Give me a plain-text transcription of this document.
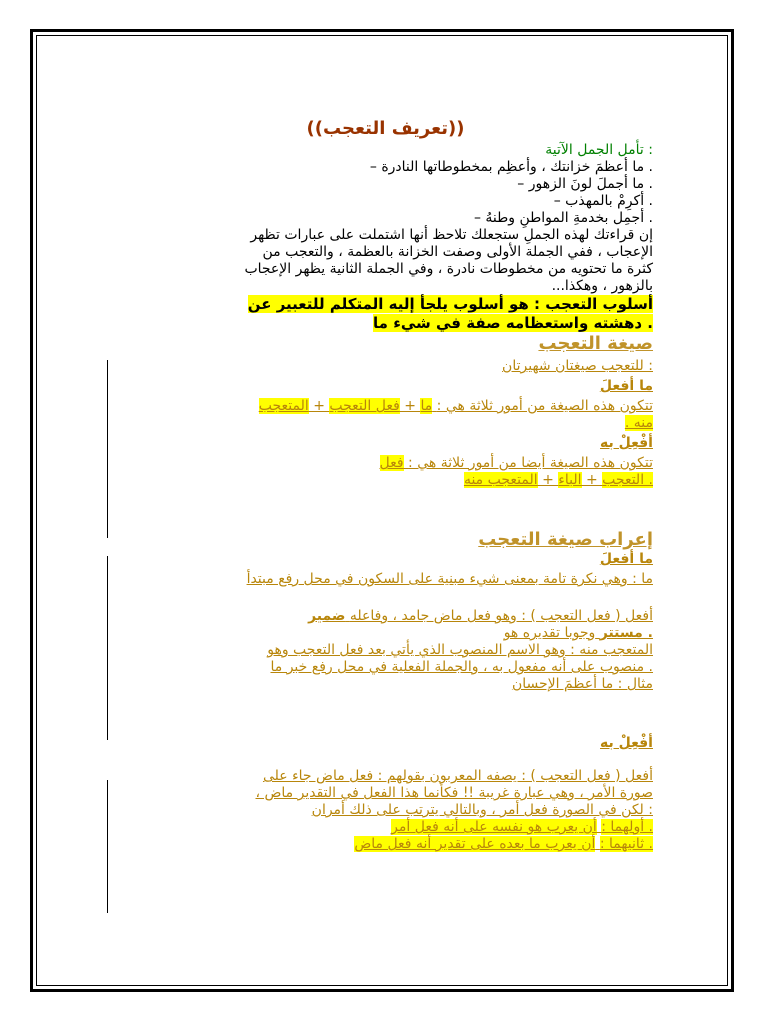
((تعريف التعجب))
: تأمل الجمل الآتية
. ما أعظمَ خزانتك ، وأعظِم بمخطوطاتها النادرة –
. ما أجملَ لونَ الزهور –
. أكرِمْ بالمهذب –
. أجمِل بخدمةِ المواطنِ وطنهُ –
إن قراءتك لهذه الجملِ ستجعلك تلاحظ أنها اشتملت على عبارات تظهر
الإعجاب ، ففي الجملة الأولى وصفت الخزانة بالعظمة ، والتعجب من
كثرة ما تحتويه من مخطوطات نادرة ، وفي الجملة الثانية يظهر الإعجاب
بالزهور ، وهكذا...
أسلوب التعجب : هو أسلوب يلجأ إليه المتكلم للتعبير عن
. دهشته واستعظامه صفة في شيء ما
صيغة التعجب
: للتعجب صيغتان شهيرتان
ما أفعلَ
تتكون هذه الصيغة من أمور ثلاثة هي : ما + فعل التعجب + المتعجب
منه .
أفْعِلْ به
تتكون هذه الصيغة أيضا من أمور ثلاثة هي : فعل
. التعجب + الباء + المتعجب منه
إعراب صيغة التعجب
ما أفعلَ
ما : وهي نكرة تامة بمعنى شيء مبنية على السكون في محل رفع مبتدأ
أفعل ( فعل التعجب ) : وهو فعل ماض جامد ، وفاعله ضمير
. مستتر وجوبا تقديره هو
المتعجب منه : وهو الاسم المنصوب الذي يأتي بعد فعل التعجب وهو
. منصوب على أنه مفعول به ، والجملة الفعلية في محل رفع خبر ما
مثال : ما أعظمَ الإحسان
أفْعِلْ به
أفعل ( فعل التعجب ) : يصفه المعربون بقولهم : فعل ماض جاء على
صورة الأمر ، وهي عبارة غريبة !! فكأنما هذا الفعل في التقدير ماض ،
: لكن في الصورة فعل أمر ، وبالتالي يترتب على ذلك أمران
. أولهما : أن يعرب هو نفسه على أنه فعل أمر
. ثانيهما : أن يعرب ما بعده على تقدير أنه فعل ماض
